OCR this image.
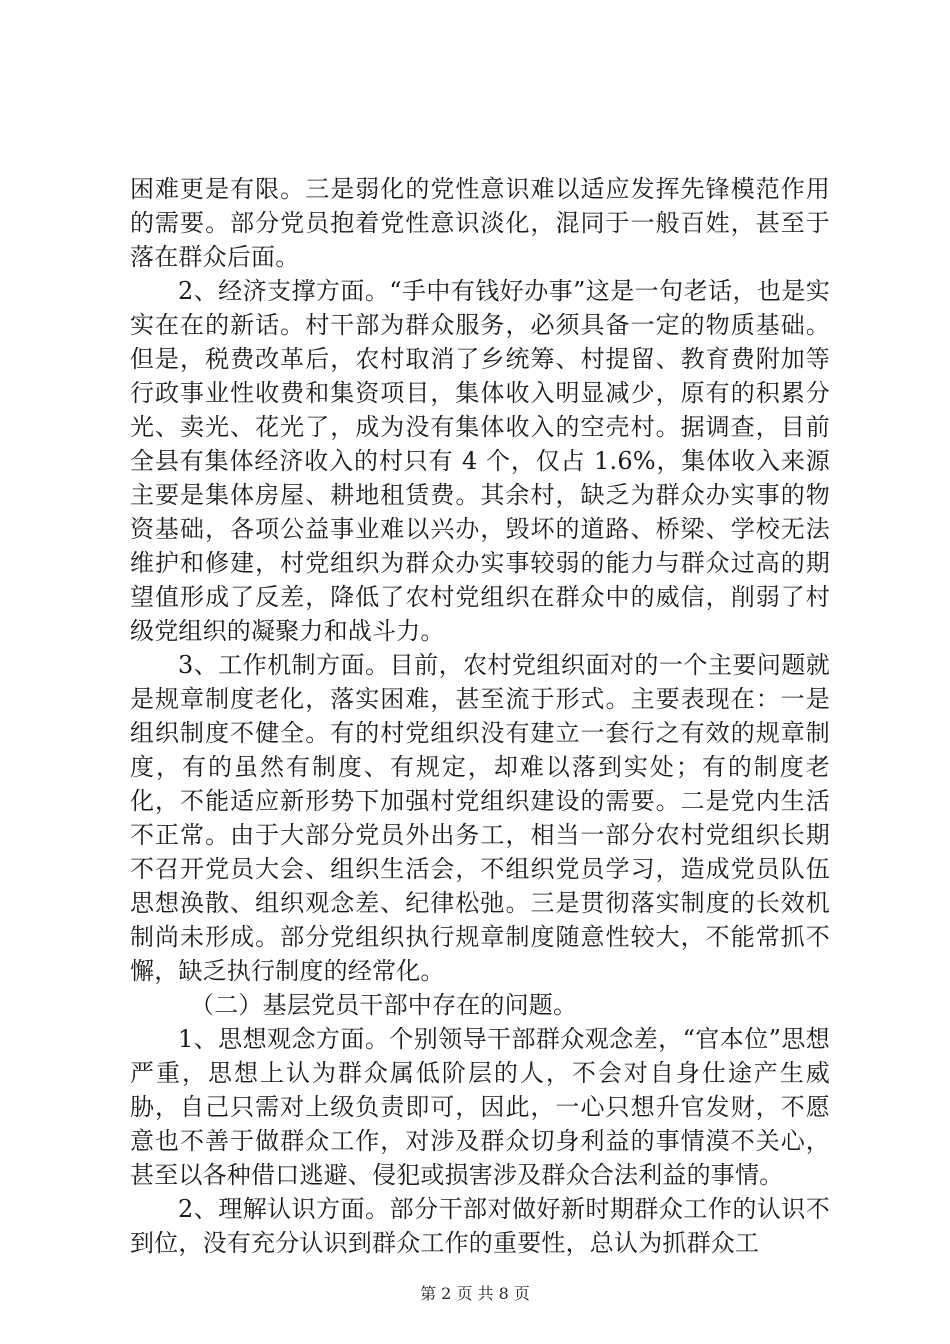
困难更是有限。三是弱化的党性意识难以适应发挥先锋模范作用的需要。部分党员抱着党性意识淡化，混同于一般百姓，甚至于落在群众后面。

2、经济支撑方面。“手中有钱好办事”这是一句老话，也是实实在在的新话。村干部为群众服务，必须具备一定的物质基础。但是，税费改革后，农村取消了乡统筹、村提留、教育费附加等行政事业性收费和集资项目，集体收入明显减少，原有的积累分光、卖光、花光了，成为没有集体收入的空壳村。据调查，目前全县有集体经济收入的村只有 4 个，仅占 1.6%，集体收入来源主要是集体房屋、耕地租赁费。其余村，缺乏为群众办实事的物资基础，各项公益事业难以兴办，毁坏的道路、桥梁、学校无法维护和修建，村党组织为群众办实事较弱的能力与群众过高的期望值形成了反差，降低了农村党组织在群众中的威信，削弱了村级党组织的凝聚力和战斗力。

3、工作机制方面。目前，农村党组织面对的一个主要问题就是规章制度老化，落实困难，甚至流于形式。主要表现在：一是组织制度不健全。有的村党组织没有建立一套行之有效的规章制度，有的虽然有制度、有规定，却难以落到实处；有的制度老化，不能适应新形势下加强村党组织建设的需要。二是党内生活不正常。由于大部分党员外出务工，相当一部分农村党组织长期不召开党员大会、组织生活会，不组织党员学习，造成党员队伍思想涣散、组织观念差、纪律松弛。三是贯彻落实制度的长效机制尚未形成。部分党组织执行规章制度随意性较大，不能常抓不懈，缺乏执行制度的经常化。

（二）基层党员干部中存在的问题。

1、思想观念方面。个别领导干部群众观念差，“官本位”思想严重，思想上认为群众属低阶层的人，不会对自身仕途产生威胁，自己只需对上级负责即可，因此，一心只想升官发财，不愿意也不善于做群众工作，对涉及群众切身利益的事情漠不关心，甚至以各种借口逃避、侵犯或损害涉及群众合法利益的事情。

2、理解认识方面。部分干部对做好新时期群众工作的认识不到位，没有充分认识到群众工作的重要性，总认为抓群众工

第 2 页 共 8 页
